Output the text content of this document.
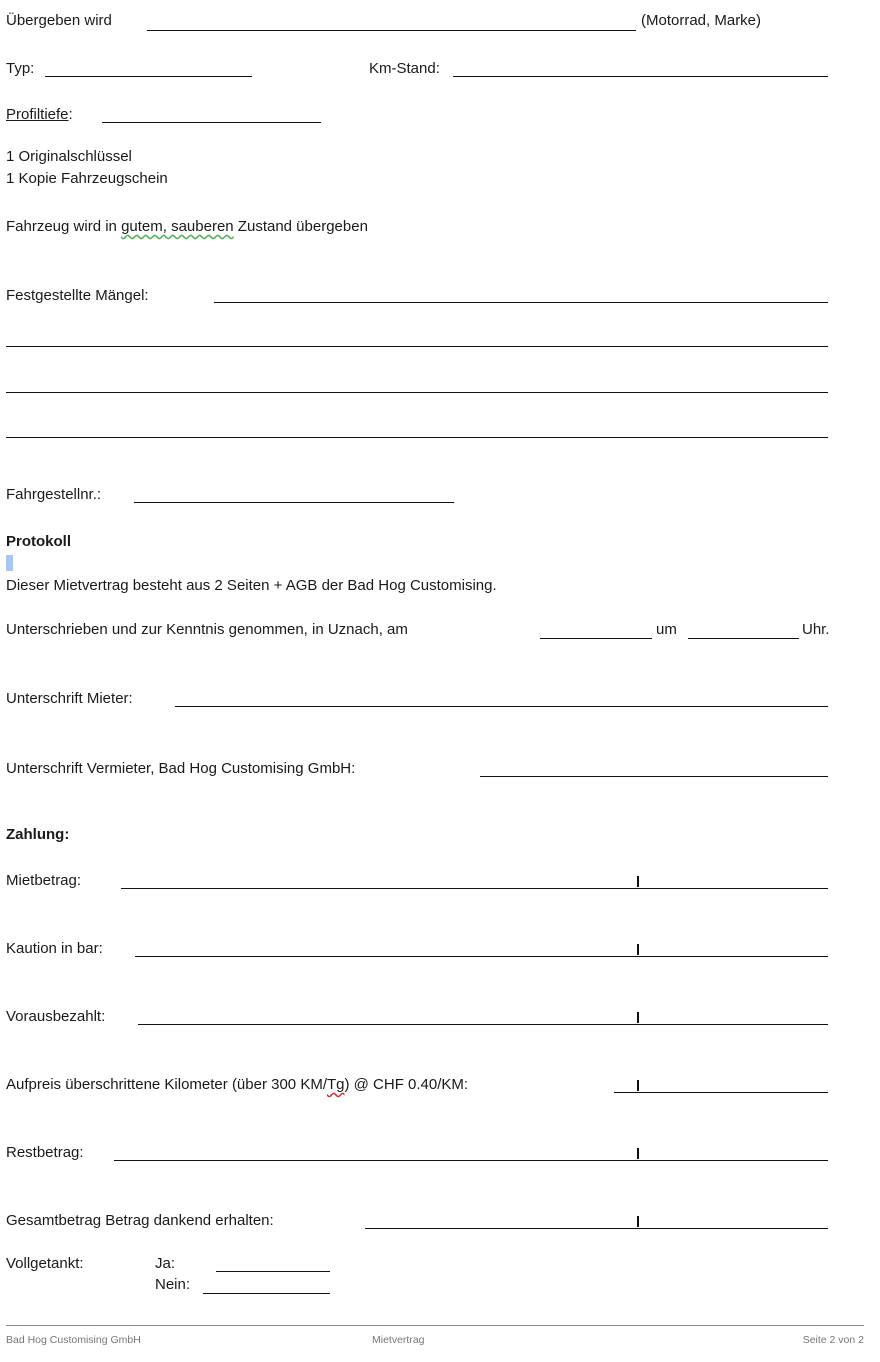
Übergeben wird	(Motorrad, Marke)
Typ:	Km-Stand:
Profiltiefe:
1 Originalschlüssel
1 Kopie Fahrzeugschein
Fahrzeug wird in gutem, sauberen Zustand übergeben
Festgestellte Mängel:
Fahrgestellnr.:
Protokoll
Dieser Mietvertrag besteht aus 2 Seiten + AGB der Bad Hog Customising.
Unterschrieben und zur Kenntnis genommen, in Uznach, am	um	Uhr.
Unterschrift Mieter:
Unterschrift Vermieter, Bad Hog Customising GmbH:
Zahlung:
Mietbetrag:
Kaution in bar:
Vorausbezahlt:
Aufpreis überschrittene Kilometer (über 300 KM/Tg) @ CHF 0.40/KM:
Restbetrag:
Gesamtbetrag Betrag dankend erhalten:
Vollgetankt:	Ja:
Nein:
Bad Hog Customising GmbH	Mietvertrag	Seite 2 von 2
